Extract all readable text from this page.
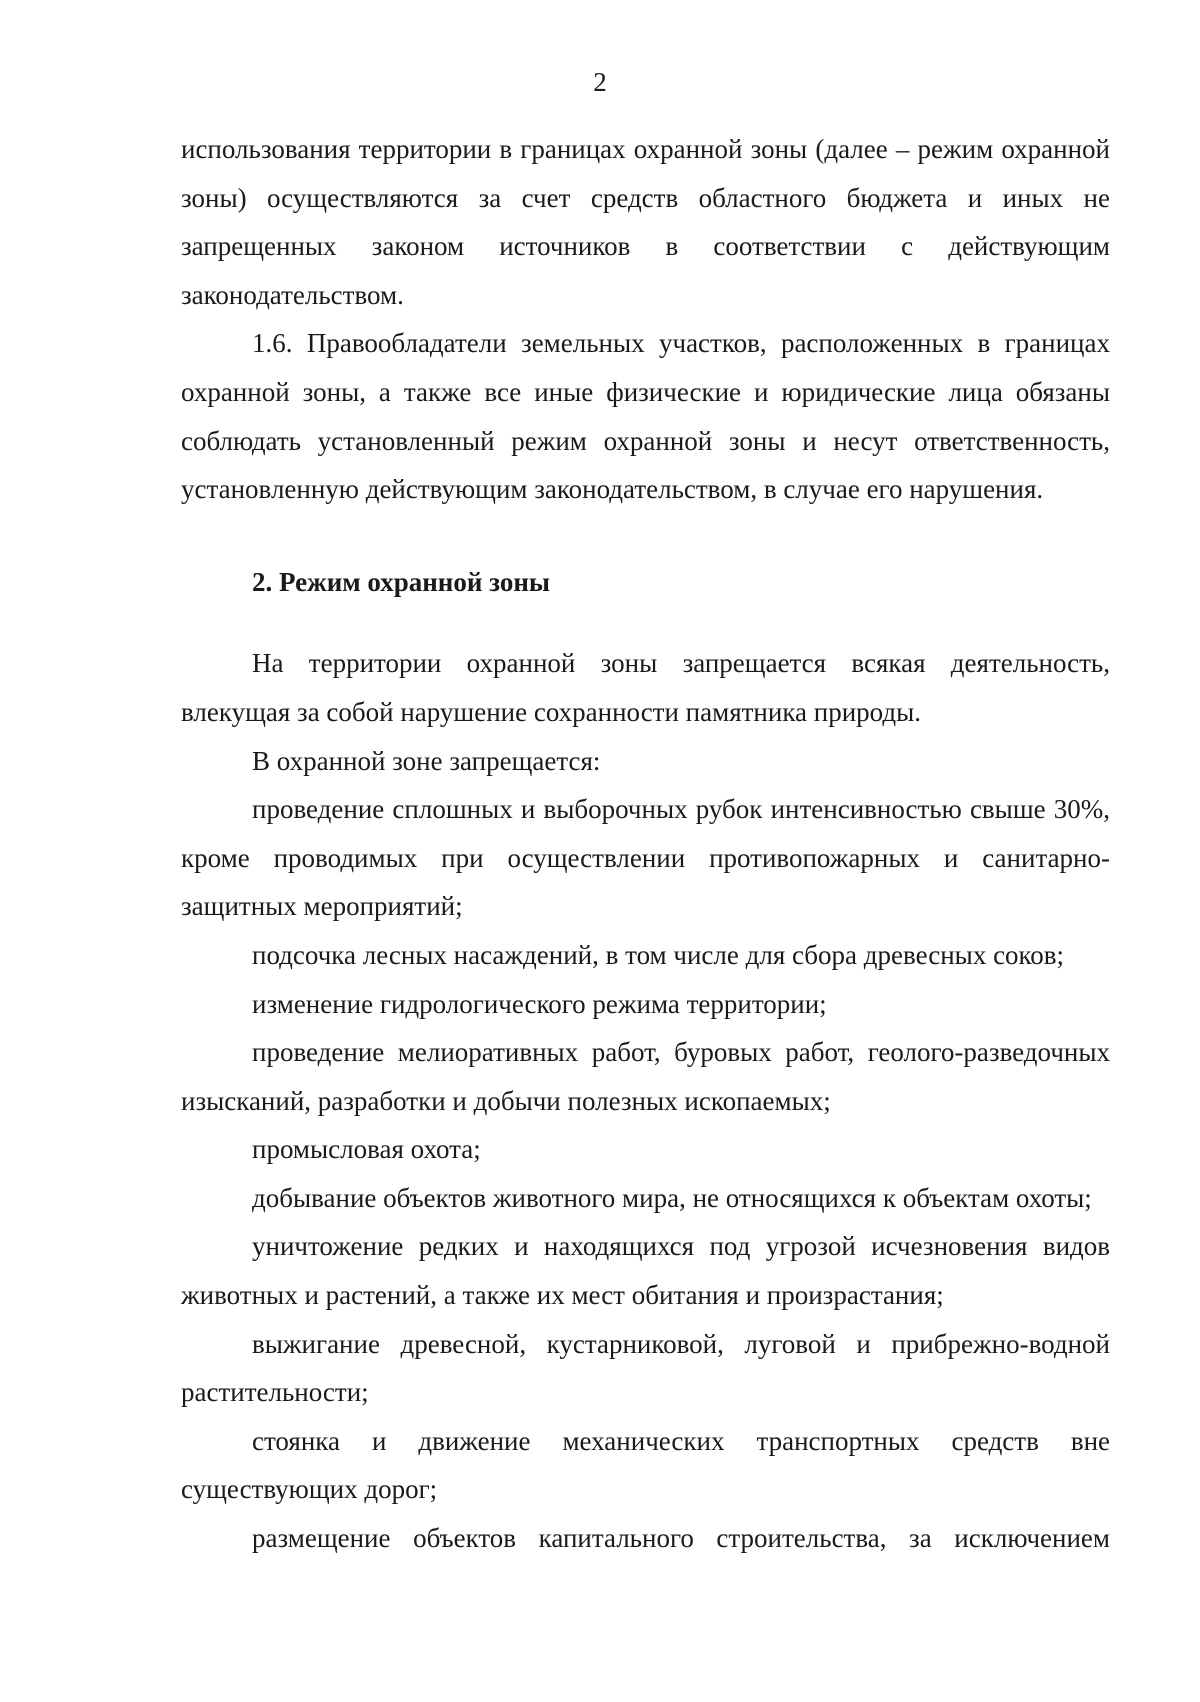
2

использования территории в границах охранной зоны (далее – режим охранной зоны) осуществляются за счет средств областного бюджета и иных не запрещенных законом источников в соответствии с действующим законодательством.

1.6. Правообладатели земельных участков, расположенных в границах охранной зоны, а также все иные физические и юридические лица обязаны соблюдать установленный режим охранной зоны и несут ответственность, установленную действующим законодательством, в случае его нарушения.

2. Режим охранной зоны

На территории охранной зоны запрещается всякая деятельность, влекущая за собой нарушение сохранности памятника природы.

В охранной зоне запрещается:

проведение сплошных и выборочных рубок интенсивностью свыше 30%, кроме проводимых при осуществлении противопожарных и санитарно-защитных мероприятий;

подсочка лесных насаждений, в том числе для сбора древесных соков;

изменение гидрологического режима территории;

проведение мелиоративных работ, буровых работ, геолого-разведочных изысканий, разработки и добычи полезных ископаемых;

промысловая охота;

добывание объектов животного мира, не относящихся к объектам охоты;

уничтожение редких и находящихся под угрозой исчезновения видов животных и растений, а также их мест обитания и произрастания;

выжигание древесной, кустарниковой, луговой и прибрежно-водной растительности;

стоянка и движение механических транспортных средств вне существующих дорог;

размещение объектов капитального строительства, за исключением
